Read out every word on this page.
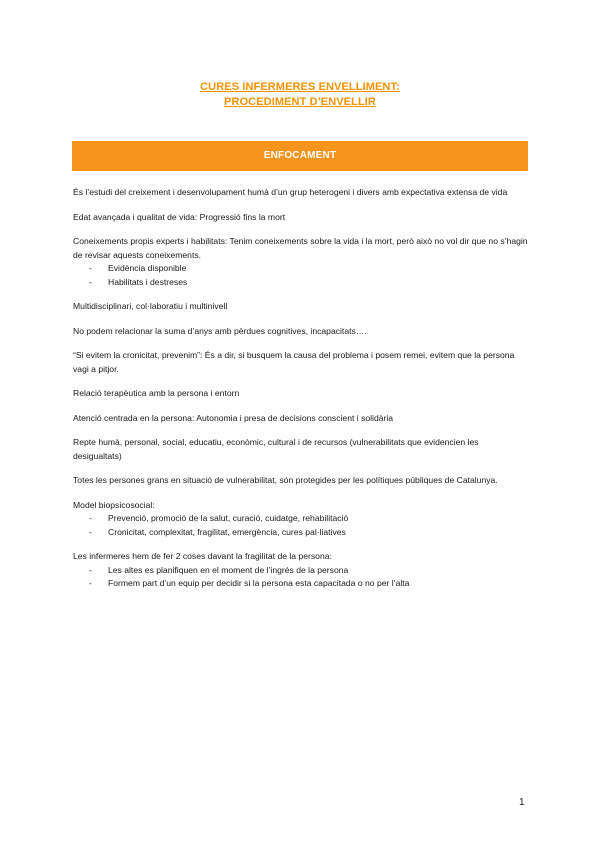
CURES INFERMERES ENVELLIMENT:
PROCEDIMENT D’ENVELLIR
ENFOCAMENT

És l’estudi del creixement i desenvolupament humà d’un grup heterogeni i divers amb expectativa extensa de vida

Edat avançada i qualitat de vida: Progressió fins la mort

Coneixements propis experts i habilitats: Tenim coneixements sobre la vida i la mort, però això no vol dir que no s’hagin de revisar aquests coneixements.

- Evidència disponible
- Habilitats i destreses

Multidisciplinari, col·laboratiu i multinivell

No podem relacionar la suma d’anys amb pèrdues cognitives, incapacitats….

“Si evitem la cronicitat, prevenim”: És a dir, si busquem la causa del problema i posem remei, evitem que la persona vagi a pitjor.

Relació terapèutica amb la persona i entorn

Atenció centrada en la persona: Autonomia i presa de decisions conscient i solidària

Repte humà, personal, social, educatiu, econòmic, cultural i de recursos (vulnerabilitats que evidencien les desigualtats)

Totes les persones grans en situació de vulnerabilitat, són protegides per les polítiques públiques de Catalunya.

Model biopsicosocial:

- Prevenció, promoció de la salut, curació, cuidatge, rehabilitació
- Cronicitat, complexitat, fragilitat, emergència, cures pal·liatives

Les infermeres hem de fer 2 coses davant la fragilitat de la persona:

- Les altes es planifiquen en el moment de l’ingrés de la persona
- Formem part d’un equip per decidir si la persona esta capacitada o no per l’alta
1
